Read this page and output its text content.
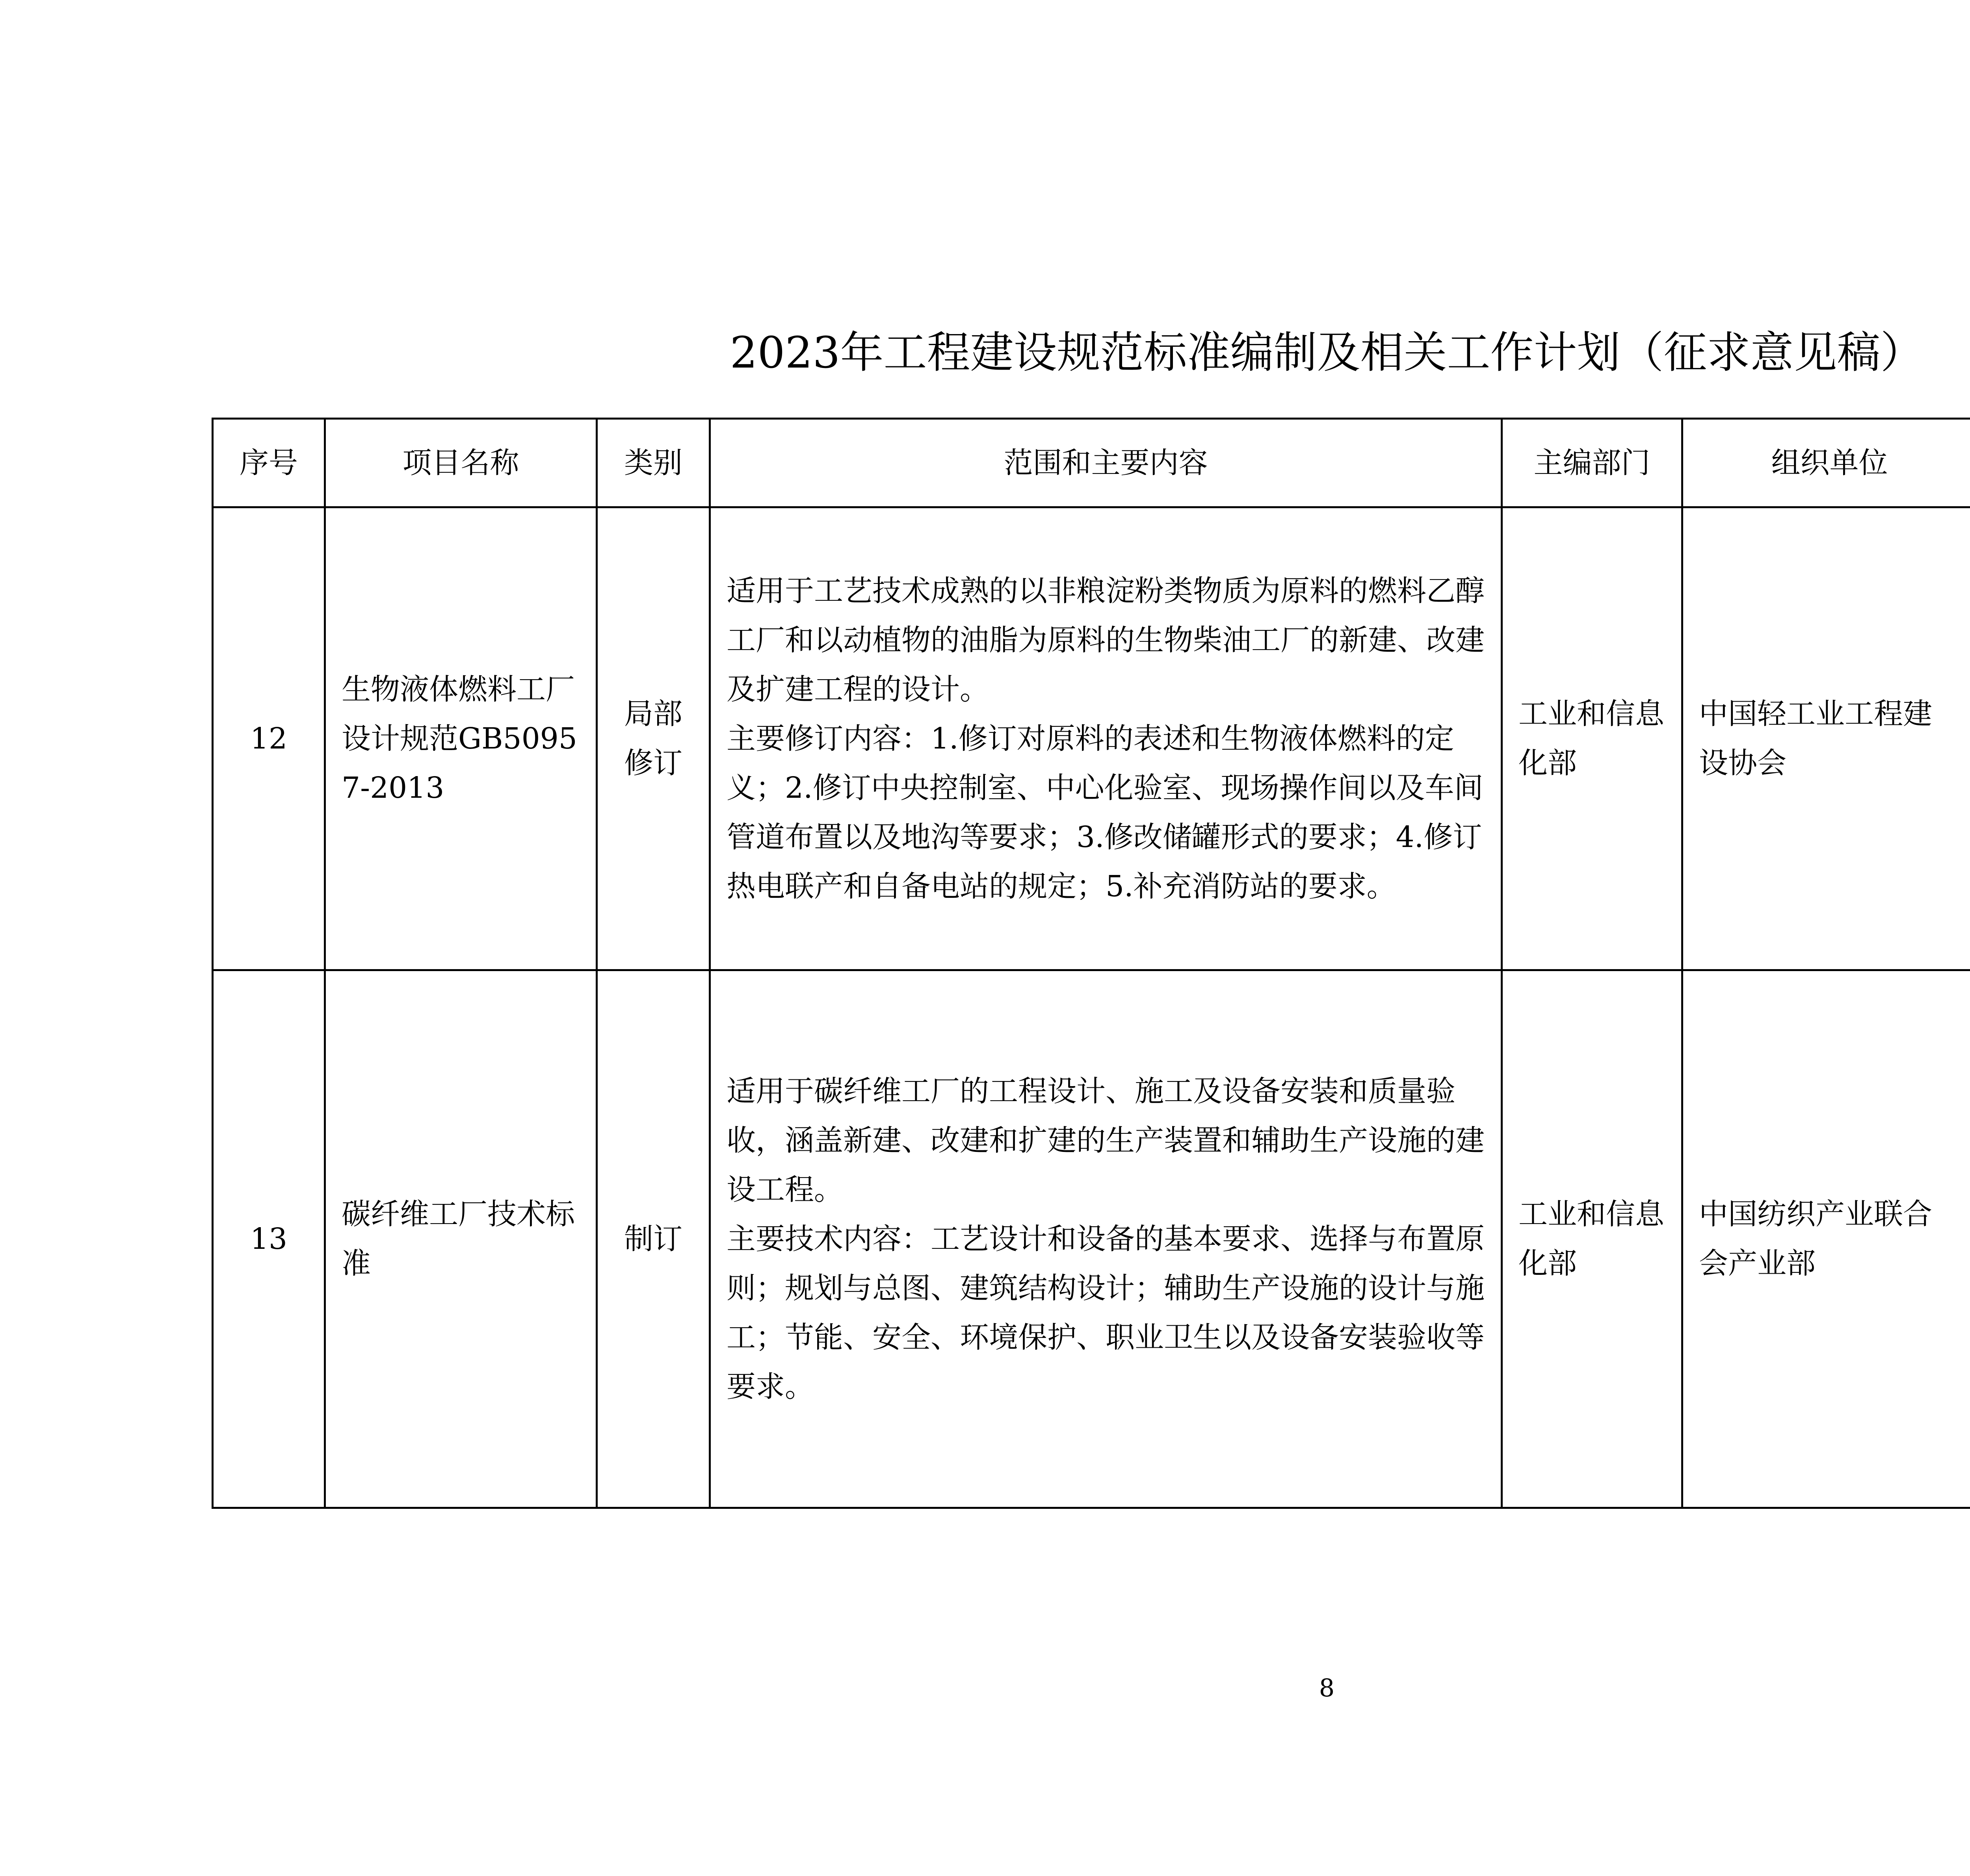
2023年工程建设规范标准编制及相关工作计划（征求意见稿）
序号	项目名称	类别	范围和主要内容	主编部门	组织单位		
12	生物液体燃料工厂设计规范GB50957-2013	局部修订	适用于工艺技术成熟的以非粮淀粉类物质为原料的燃料乙醇工厂和以动植物的油脂为原料的生物柴油工厂的新建、改建及扩建工程的设计。
主要修订内容：1.修订对原料的表述和生物液体燃料的定义；2.修订中央控制室、中心化验室、现场操作间以及车间管道布置以及地沟等要求；3.修改储罐形式的要求；4.修订热电联产和自备电站的规定；5.补充消防站的要求。	工业和信息化部	中国轻工业工程建设协会		
13	碳纤维工厂技术标准	制订	适用于碳纤维工厂的工程设计、施工及设备安装和质量验收，涵盖新建、改建和扩建的生产装置和辅助生产设施的建设工程。
主要技术内容：工艺设计和设备的基本要求、选择与布置原则；规划与总图、建筑结构设计；辅助生产设施的设计与施工；节能、安全、环境保护、职业卫生以及设备安装验收等要求。	工业和信息化部	中国纺织产业联合会产业部		
8
